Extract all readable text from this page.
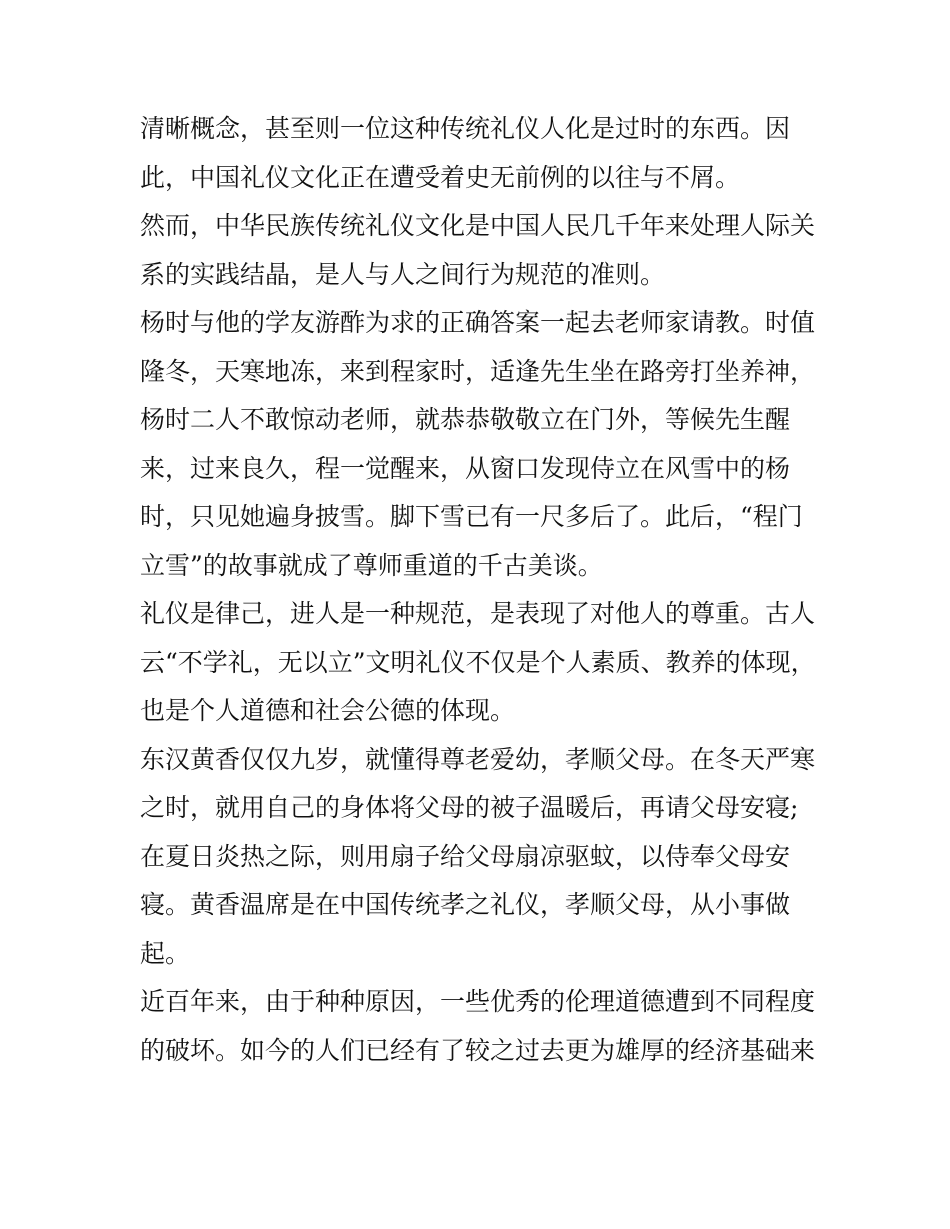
清晰概念，甚至则一位这种传统礼仪人化是过时的东西。因
此，中国礼仪文化正在遭受着史无前例的以往与不屑。
然而，中华民族传统礼仪文化是中国人民几千年来处理人际关
系的实践结晶，是人与人之间行为规范的准则。
杨时与他的学友游酢为求的正确答案一起去老师家请教。时值
隆冬，天寒地冻，来到程家时，适逢先生坐在路旁打坐养神，
杨时二人不敢惊动老师，就恭恭敬敬立在门外，等候先生醒
来，过来良久，程一觉醒来，从窗口发现侍立在风雪中的杨
时，只见她遍身披雪。脚下雪已有一尺多后了。此后，“程门
立雪”的故事就成了尊师重道的千古美谈。
礼仪是律己，进人是一种规范，是表现了对他人的尊重。古人
云“不学礼，无以立”文明礼仪不仅是个人素质、教养的体现，
也是个人道德和社会公德的体现。
东汉黄香仅仅九岁，就懂得尊老爱幼，孝顺父母。在冬天严寒
之时，就用自己的身体将父母的被子温暖后，再请父母安寝;
在夏日炎热之际，则用扇子给父母扇凉驱蚊，以侍奉父母安
寝。黄香温席是在中国传统孝之礼仪，孝顺父母，从小事做
起。
近百年来，由于种种原因，一些优秀的伦理道德遭到不同程度
的破坏。如今的人们已经有了较之过去更为雄厚的经济基础来
